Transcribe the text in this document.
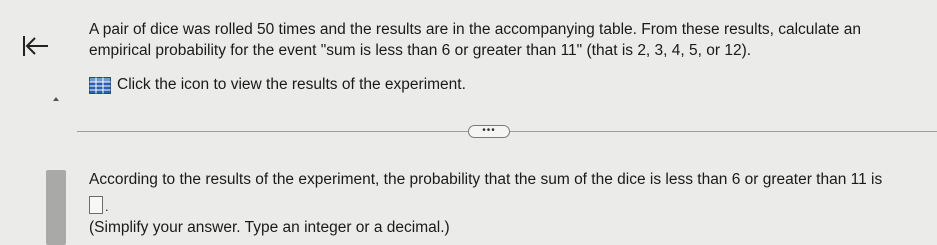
A pair of dice was rolled 50 times and the results are in the accompanying table. From these results, calculate an
empirical probability for the event "sum is less than 6 or greater than 11" (that is 2, 3, 4, 5, or 12).
Click the icon to view the results of the experiment.
•••
According to the results of the experiment, the probability that the sum of the dice is less than 6 or greater than 11 is
.
(Simplify your answer. Type an integer or a decimal.)
